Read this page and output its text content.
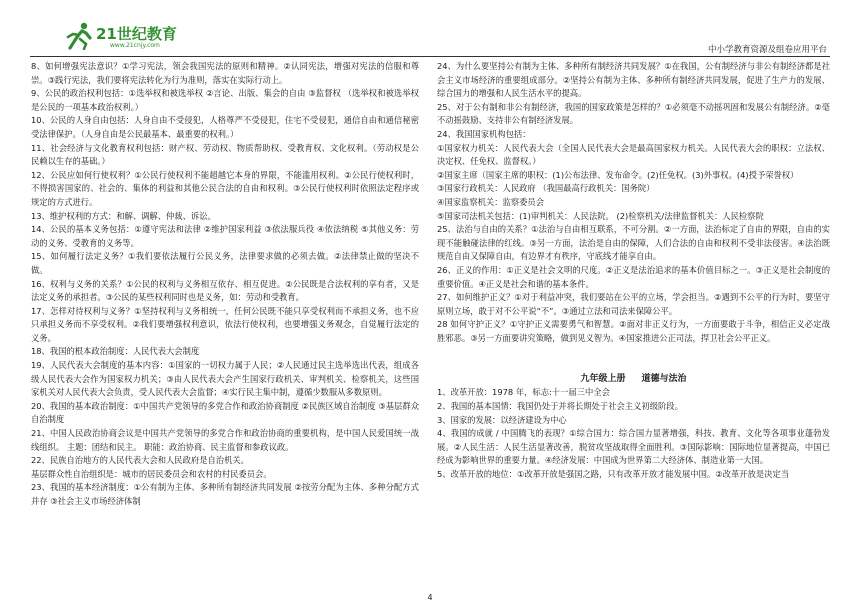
21世纪教育
www.21cnjy.com	中小学教育资源及组卷应用平台

8、如何增强宪法意识？①学习宪法，领会我国宪法的原则和精神。②认同宪法，增强对宪法的信服和尊崇。③践行宪法，我们要将宪法转化为行为准则，落实在实际行动上。

9、公民的政治权利包括：①选举权和被选举权 ②言论、出版、集会的自由 ③监督权 （选举权和被选举权是公民的一项基本政治权利。）

10、公民的人身自由包括：人身自由不受侵犯，人格尊严不受侵犯，住宅不受侵犯，通信自由和通信秘密受法律保护。（人身自由是公民最基本、最重要的权利。）

11、社会经济与文化教育权利包括：财产权、劳动权、物质帮助权、受教育权、文化权利。（劳动权是公民赖以生存的基础。）

12、公民应如何行使权利？①公民行使权利不能超越它本身的界限，不能滥用权利。②公民行使权利时，不得损害国家的、社会的、集体的利益和其他公民合法的自由和权利。③公民行使权利时依照法定程序或规定的方式进行。

13、维护权利的方式：和解、调解、仲裁、诉讼。

14、公民的基本义务包括：①遵守宪法和法律 ②维护国家利益 ③依法服兵役 ④依法纳税 ⑤其他义务：劳动的义务、受教育的义务等。

15、如何履行法定义务？①我们要依法履行公民义务，法律要求做的必须去做。②法律禁止做的坚决不做。

16、权利与义务的关系？①公民的权利与义务相互依存、相互促进。②公民既是合法权利的享有者，又是法定义务的承担者。③公民的某些权利同时也是义务，如：劳动和受教育。

17、怎样对待权利与义务？①坚持权利与义务相统一，任何公民既不能只享受权利而不承担义务，也不应只承担义务而不享受权利。②我们要增强权利意识，依法行使权利，也要增强义务观念，自觉履行法定的义务。

18、我国的根本政治制度：人民代表大会制度

19、人民代表大会制度的基本内容：①国家的一切权力属于人民；②人民通过民主选举选出代表，组成各级人民代表大会作为国家权力机关；③由人民代表大会产生国家行政机关、审判机关、检察机关，这些国家机关对人民代表大会负责，受人民代表大会监督；④实行民主集中制，遵循少数服从多数原则。

20、我国的基本政治制度：①中国共产党领导的多党合作和政治协商制度 ②民族区域自治制度 ③基层群众自治制度

21、中国人民政治协商会议是中国共产党领导的多党合作和政治协商的重要机构，是中国人民爱国统一战线组织。 主题：团结和民主。 职能：政治协商、民主监督和参政议政。

22、民族自治地方的人民代表大会和人民政府是自治机关。

基层群众性自治组织是：城市的居民委员会和农村的村民委员会。

23、我国的基本经济制度：①公有制为主体、多种所有制经济共同发展 ②按劳分配为主体、多种分配方式并存 ③社会主义市场经济体制

24、为什么要坚持公有制为主体、多种所有制经济共同发展？①在我国，公有制经济与非公有制经济都是社会主义市场经济的重要组成部分。②坚持公有制为主体、多种所有制经济共同发展，促进了生产力的发展、综合国力的增强和人民生活水平的提高。

25、对于公有制和非公有制经济，我国的国家政策是怎样的？①必须毫不动摇巩固和发展公有制经济。②毫不动摇鼓励、支持非公有制经济发展。

24、我国国家机构包括：

①国家权力机关：人民代表大会（全国人民代表大会是最高国家权力机关。人民代表大会的职权：立法权、决定权、任免权、监督权。）

②国家主席（国家主席的职权：(1)公布法律、发布命令。(2)任免权。(3)外事权。(4)授予荣誉权）

③国家行政机关：人民政府 （我国最高行政机关：国务院）

④国家监察机关：监察委员会

⑤国家司法机关包括：(1)审判机关：人民法院。 (2)检察机关/法律监督机关：人民检察院

25、法治与自由的关系？①法治与自由相互联系，不可分割。②一方面，法治标定了自由的界限，自由的实现不能触碰法律的红线。③另一方面，法治是自由的保障，人们合法的自由和权利不受非法侵害。④法治既规范自由又保障自由，有边界才有秩序，守底线才能享自由。

26、正义的作用：①正义是社会文明的尺度。②正义是法治追求的基本价值目标之一。③正义是社会制度的重要价值。④正义是社会和谐的基本条件。

27、如何维护正义？①对于利益冲突，我们要站在公平的立场，学会担当。②遇到不公平的行为时，要坚守原则立场，敢于对不公平说“不”。③通过立法和司法来保障公平。

28 如何守护正义？①守护正义需要勇气和智慧。②面对非正义行为，一方面要敢于斗争，相信正义必定战胜邪恶。③另一方面要讲究策略，做到见义智为。④国家推进公正司法，捍卫社会公平正义。

九年级上册 道德与法治

1、改革开放：1978 年，标志:十一届三中全会

2、我国的基本国情：我国仍处于并将长期处于社会主义初级阶段。

3、国家的发展：以经济建设为中心

4、我国的成就 / 中国腾飞的表现？①综合国力：综合国力显著增强，科技、教育、文化等各项事业蓬勃发展。②人民生活：人民生活显著改善，脱贫攻坚战取得全面胜利。③国际影响：国际地位显著提高，中国已经成为影响世界的重要力量。④经济发展：中国成为世界第二大经济体、制造业第一大国。

5、改革开放的地位：①改革开放是强国之路，只有改革开放才能发展中国。②改革开放是决定当

4
